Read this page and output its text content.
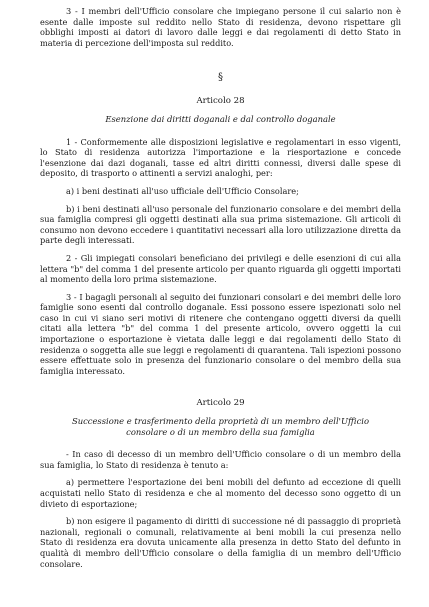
3 - I membri dell'Ufficio consolare che impiegano persone il cui salario non è esente dalle imposte sul reddito nello Stato di residenza, devono rispettare gli obblighi imposti ai datori di lavoro dalle leggi e dai regolamenti di detto Stato in materia di percezione dell'imposta sul reddito.

§

Articolo 28

Esenzione dai diritti doganali e dal controllo doganale

1 - Conformemente alle disposizioni legislative e regolamentari in esso vigenti, lo Stato di residenza autorizza l'importazione e la riesportazione e concede l'esenzione dai dazi doganali, tasse ed altri diritti connessi, diversi dalle spese di deposito, di trasporto o attinenti a servizi analoghi, per:

a) i beni destinati all'uso ufficiale dell'Ufficio Consolare;

b) i beni destinati all'uso personale del funzionario consolare e dei membri della sua famiglia compresi gli oggetti destinati alla sua prima sistemazione. Gli articoli di consumo non devono eccedere i quantitativi necessari alla loro utilizzazione diretta da parte degli interessati.

2 - Gli impiegati consolari beneficiano dei privilegi e delle esenzioni di cui alla lettera "b" del comma 1 del presente articolo per quanto riguarda gli oggetti importati al momento della loro prima sistemazione.

3 - I bagagli personali al seguito dei funzionari consolari e dei membri delle loro famiglie sono esenti dal controllo doganale. Essi possono essere ispezionati solo nel caso in cui vi siano seri motivi di ritenere che contengano oggetti diversi da quelli citati alla lettera "b" del comma 1 del presente articolo, ovvero oggetti la cui importazione o esportazione è vietata dalle leggi e dai regolamenti dello Stato di residenza o soggetta alle sue leggi e regolamenti di quarantena. Tali ispezioni possono essere effettuate solo in presenza del funzionario consolare o del membro della sua famiglia interessato.

Articolo 29

Successione e trasferimento della proprietà di un membro dell'Ufficio

consolare o di un membro della sua famiglia

- In caso di decesso di un membro dell'Ufficio consolare o di un membro della sua famiglia, lo Stato di residenza è tenuto a:

a) permettere l'esportazione dei beni mobili del defunto ad eccezione di quelli acquistati nello Stato di residenza e che al momento del decesso sono oggetto di un divieto di esportazione;

b) non esigere il pagamento di diritti di successione né di passaggio di proprietà nazionali, regionali o comunali, relativamente ai beni mobili la cui presenza nello Stato di residenza era dovuta unicamente alla presenza in detto Stato del defunto in qualità di membro dell'Ufficio consolare o della famiglia di un membro dell'Ufficio consolare.
